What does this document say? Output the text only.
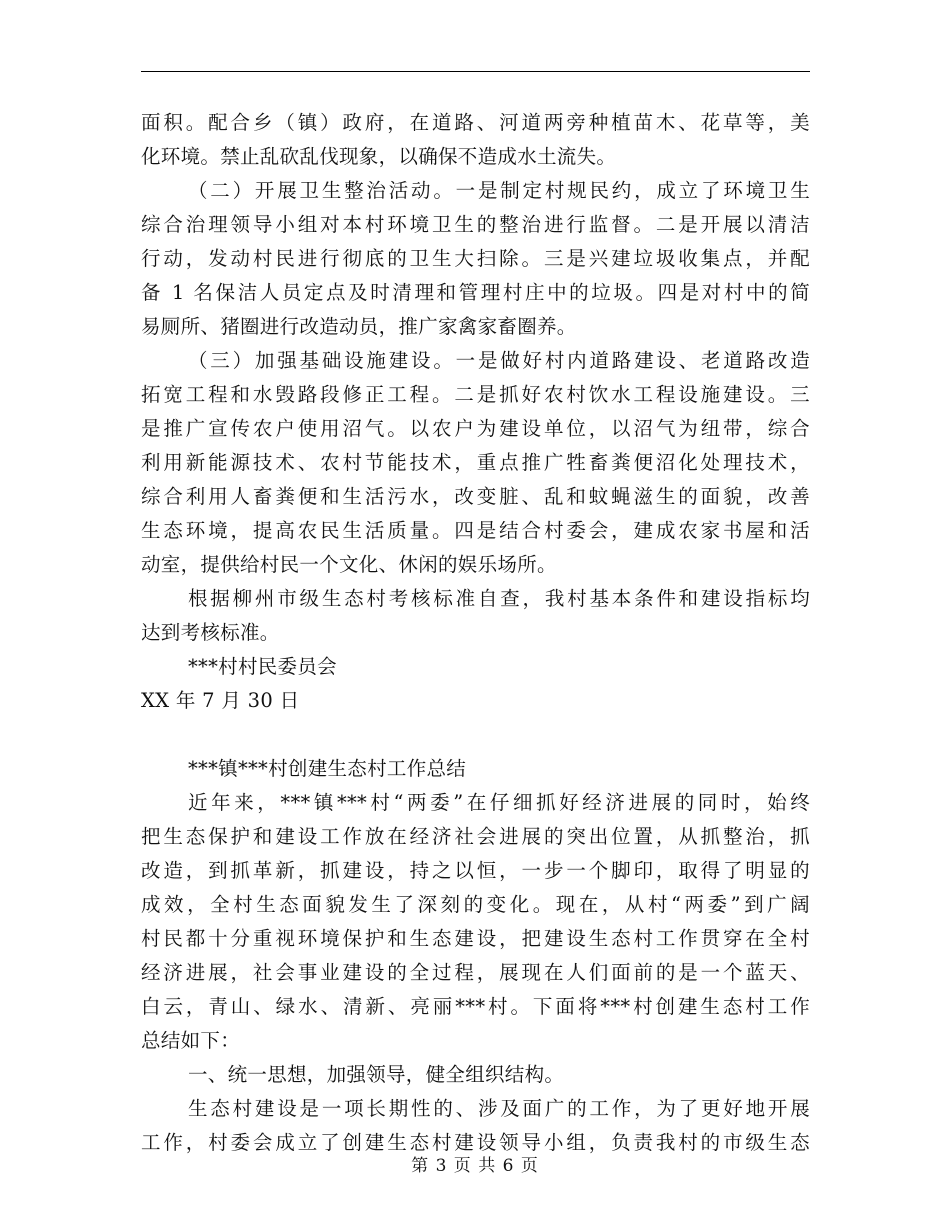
面积。配合乡（镇）政府，在道路、河道两旁种植苗木、花草等，美
化环境。禁止乱砍乱伐现象，以确保不造成水土流失。
（二）开展卫生整治活动。一是制定村规民约，成立了环境卫生
综合治理领导小组对本村环境卫生的整治进行监督。二是开展以清洁
行动，发动村民进行彻底的卫生大扫除。三是兴建垃圾收集点，并配
备 1 名保洁人员定点及时清理和管理村庄中的垃圾。四是对村中的简
易厕所、猪圈进行改造动员，推广家禽家畜圈养。
（三）加强基础设施建设。一是做好村内道路建设、老道路改造
拓宽工程和水毁路段修正工程。二是抓好农村饮水工程设施建设。三
是推广宣传农户使用沼气。以农户为建设单位，以沼气为纽带，综合
利用新能源技术、农村节能技术，重点推广牲畜粪便沼化处理技术，
综合利用人畜粪便和生活污水，改变脏、乱和蚊蝇滋生的面貌，改善
生态环境，提高农民生活质量。四是结合村委会，建成农家书屋和活
动室，提供给村民一个文化、休闲的娱乐场所。
根据柳州市级生态村考核标准自查，我村基本条件和建设指标均
达到考核标准。
***村村民委员会
XX 年 7 月 30 日
***镇***村创建生态村工作总结
近年来，***镇***村“两委”在仔细抓好经济进展的同时，始终
把生态保护和建设工作放在经济社会进展的突出位置，从抓整治，抓
改造，到抓革新，抓建设，持之以恒，一步一个脚印，取得了明显的
成效，全村生态面貌发生了深刻的变化。现在，从村“两委”到广阔
村民都十分重视环境保护和生态建设，把建设生态村工作贯穿在全村
经济进展，社会事业建设的全过程，展现在人们面前的是一个蓝天、
白云，青山、绿水、清新、亮丽***村。下面将***村创建生态村工作
总结如下：
一、统一思想，加强领导，健全组织结构。
生态村建设是一项长期性的、涉及面广的工作，为了更好地开展
工作，村委会成立了创建生态村建设领导小组，负责我村的市级生态
第 3 页 共 6 页
